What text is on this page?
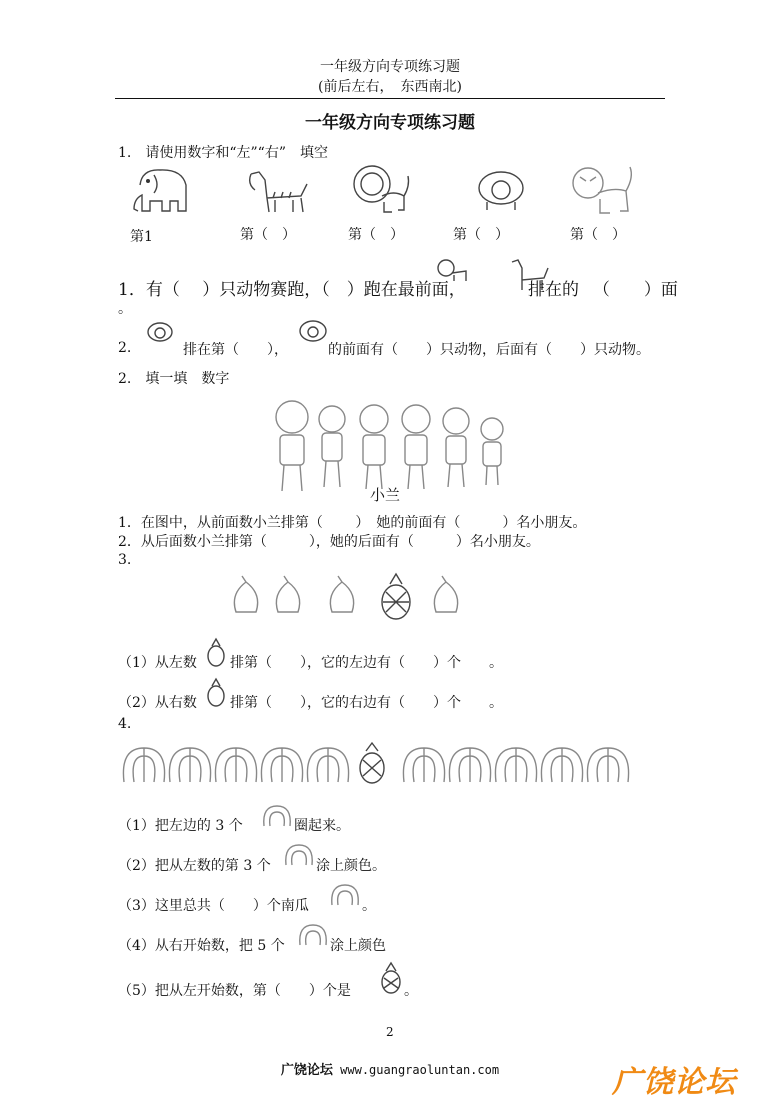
一年级方向专项练习题
(前后左右，　东西南北)
一年级方向专项练习题
1.　请使用数字和“左”“右”　填空
第1	第（　）	第（　）	第（　）	第（　）
1．有（　 ）只动物赛跑，（　）跑在最前面，	排在的 　（　　）面
。
2.	排在第（　　），	的前面有（　　）只动物，后面有（　　）只动物。
2.　填一填　数字
小兰
1．在图中，从前面数小兰排第（　　 ）　她的前面有（　　　）名小朋友。
2．从后面数小兰排第（　　　），她的后面有（　　　）名小朋友。
3.
（1）从左数 排第（　　），它的左边有（　　）个　　。
（2）从右数 排第（　　），它的右边有（　　）个　　。
4.
（1）把左边的 3 个	圈起来。
（2）把从左数的第 3 个	涂上颜色。
（3）这里总共（　　）个南瓜	。
（4）从右开始数，把 5 个	涂上颜色
（5）把从左开始数，第（　　）个是	。
2
广饶论坛 www.guangraoluntan.com	广饶论坛
